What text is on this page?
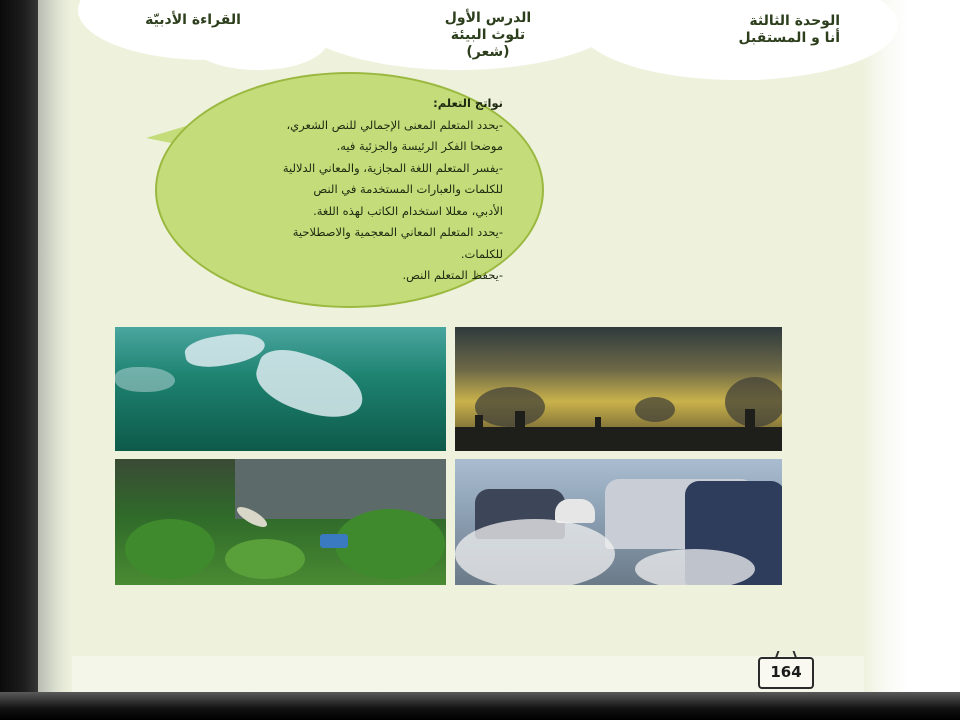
الوحدة الثالثة
أنا و المستقبل
الدرس الأول
تلوث البيئة
(شعر)
القراءة الأدبيّة
نواتج التعلم:
-يحدد المتعلم المعنى الإجمالي للنص الشعري،
موضحا الفكر الرئيسة والجزئية فيه.
-يفسر المتعلم اللغة المجازية، والمعاني الدلالية
للكلمات والعبارات المستخدمة في النص
الأدبي، معللا استخدام الكاتب لهذه اللغة.
-يحدد المتعلم المعاني المعجمية والاصطلاحية
للكلمات.
-يحفظ المتعلم النص.
164
